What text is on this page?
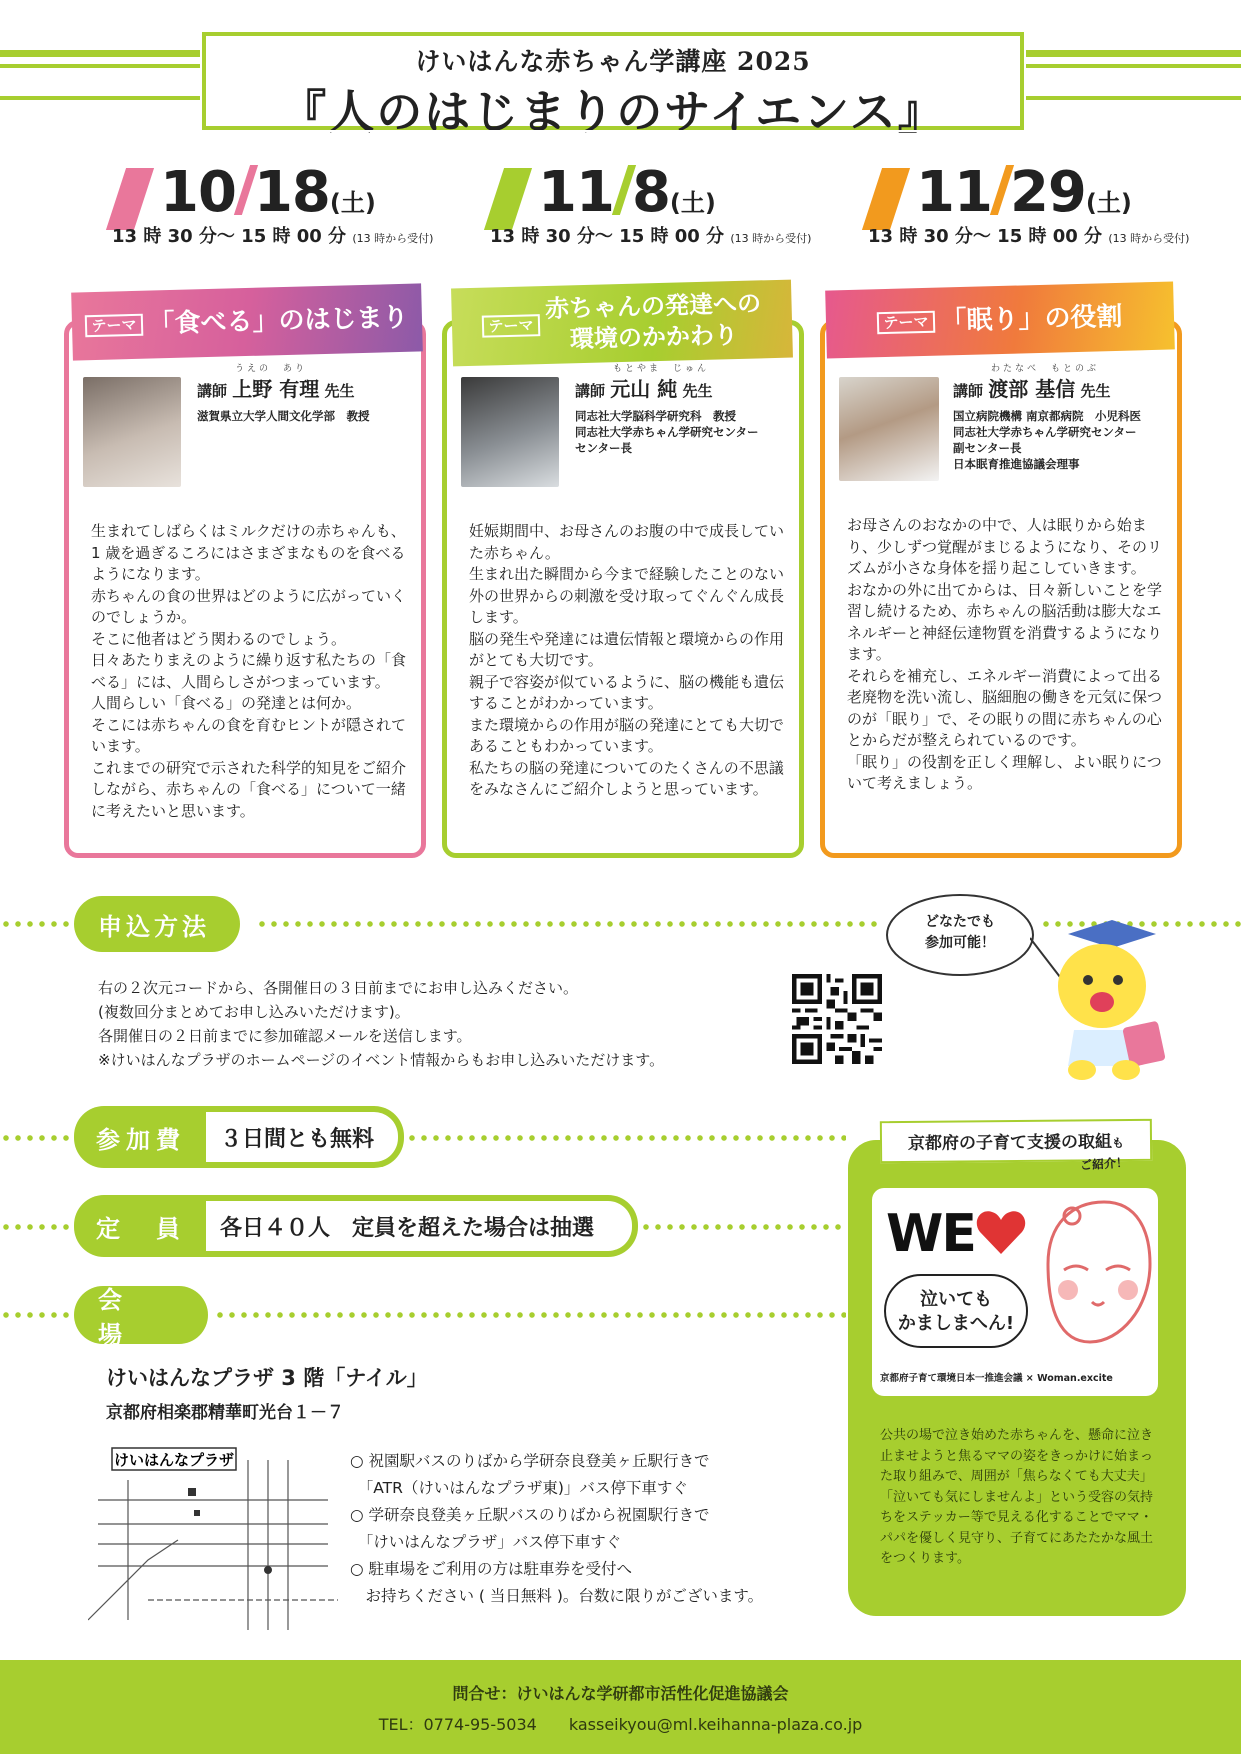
けいはんな赤ちゃん学講座 2025
『人のはじまりのサイエンス』
10 18(土)
13 時 30 分～ 15 時 00 分 (13 時から受付)
11 8(土)
13 時 30 分～ 15 時 00 分 (13 時から受付)
11 29(土)
13 時 30 分～ 15 時 00 分 (13 時から受付)
うえの　あり
講師 上野 有理 先生
滋賀県立大学人間文化学部　教授
生まれてしばらくはミルクだけの赤ちゃんも、1 歳を過ぎるころにはさまざまなものを食べるようになります。
赤ちゃんの食の世界はどのように広がっていくのでしょうか。
そこに他者はどう関わるのでしょう。
日々あたりまえのように繰り返す私たちの「食べる」には、人間らしさがつまっています。
人間らしい「食べる」の発達とは何か。
そこには赤ちゃんの食を育むヒントが隠されています。
これまでの研究で示された科学的知見をご紹介しながら、赤ちゃんの「食べる」について一緒に考えたいと思います。
テーマ 「食べる」のはじまり
もとやま　じゅん
講師 元山 純 先生
同志社大学脳科学研究科　教授
同志社大学赤ちゃん学研究センター
センター長
妊娠期間中、お母さんのお腹の中で成長していた赤ちゃん。
生まれ出た瞬間から今まで経験したことのない外の世界からの刺激を受け取ってぐんぐん成長します。
脳の発生や発達には遺伝情報と環境からの作用がとても大切です。
親子で容姿が似ているように、脳の機能も遺伝することがわかっています。
また環境からの作用が脳の発達にとても大切であることもわかっています。
私たちの脳の発達についてのたくさんの不思議をみなさんにご紹介しようと思っています。
テーマ
赤ちゃんの発達への
環境のかかわり
わたなべ　もとのぶ
講師 渡部 基信 先生
国立病院機構 南京都病院　小児科医
同志社大学赤ちゃん学研究センター
副センター長
日本眠育推進協議会理事
お母さんのおなかの中で、人は眠りから始まり、少しずつ覚醒がまじるようになり、そのリズムが小さな身体を揺り起こしていきます。
おなかの外に出てからは、日々新しいことを学習し続けるため、赤ちゃんの脳活動は膨大なエネルギーと神経伝達物質を消費するようになります。
それらを補充し、エネルギー消費によって出る老廃物を洗い流し、脳細胞の働きを元気に保つのが「眠り」で、その眠りの間に赤ちゃんの心とからだが整えられているのです。
「眠り」の役割を正しく理解し、よい眠りについて考えましょう。
テーマ 「眠り」の役割
申込方法
右の２次元コードから、各開催日の３日前までにお申し込みください。
(複数回分まとめてお申し込みいただけます)。
各開催日の２日前までに参加確認メールを送信します。
※けいはんなプラザのホームページのイベント情報からもお申し込みいただけます。
どなたでも
参加可能！
参加費	３日間とも無料
定　員	各日４０人　定員を超えた場合は抽選
会　場
けいはんなプラザ 3 階「ナイル」
京都府相楽郡精華町光台１－７
けいはんなプラザ	○ 祝園駅バスのりばから学研奈良登美ヶ丘駅行きで
　「ATR（けいはんなプラザ東)」バス停下車すぐ
○ 学研奈良登美ヶ丘駅バスのりばから祝園駅行きで
　「けいはんなプラザ」バス停下車すぐ
○ 駐車場をご利用の方は駐車券を受付へ
　お持ちください ( 当日無料 )。台数に限りがございます。
京都府の子育て支援の取組も
ご紹介！
WE
泣いても
かましまへん!
京都府子育て環境日本一推進会議 × Woman.excite
公共の場で泣き始めた赤ちゃんを、懸命に泣き止ませようと焦るママの姿をきっかけに始まった取り組みで、周囲が「焦らなくても大丈夫」「泣いても気にしませんよ」という受容の気持ちをステッカー等で見える化することでママ・パパを優しく見守り、子育てにあたたかな風土をつくります。
問合せ：けいはんな学研都市活性化促進協議会
TEL：0774-95-5034　　 kasseikyou@ml.keihanna-plaza.co.jp
